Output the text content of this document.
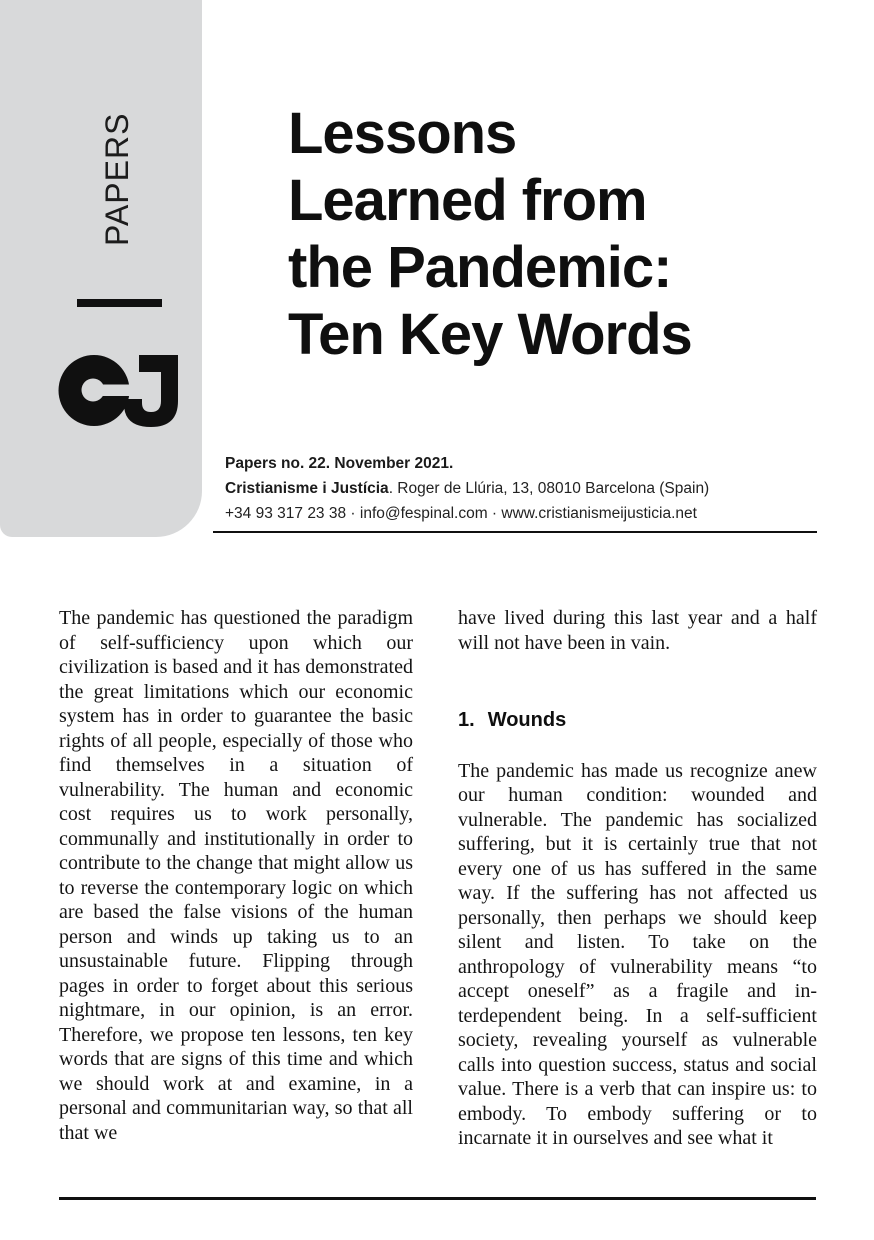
PAPERS	Lessons
Learned from
the Pandemic:
Ten Key Words
Papers no. 22. November 2021.
Cristianisme i Justícia. Roger de Llúria, 13, 08010 Barcelona (Spain)
+34 93 317 23 38 · info@fespinal.com · www.cristianismeijusticia.net

The pandemic has questioned the paradigm of self-sufficiency upon which our civilization is based and it has demonstrated the great limitations which our economic system has in order to guarantee the basic rights of all people, especially of those who find themselves in a situation of vulnerability. The human and economic cost requires us to work personally, communally and institutionally in order to contribute to the change that might allow us to reverse the contemporary logic on which are based the false visions of the human person and winds up taking us to an unsustainable future. Flipping through pages in order to forget about this serious nightmare, in our opinion, is an error. Therefore, we propose ten lessons, ten key words that are signs of this time and which we should work at and examine, in a personal and communitarian way, so that all that we

have lived during this last year and a half will not have been in vain.

1. Wounds

The pandemic has made us recognize anew our human condition: wounded and vulnerable. The pandemic has socialized suffering, but it is certainly true that not every one of us has suffered in the same way. If the suffering has not affected us personally, then perhaps we should keep silent and listen. To take on the anthropology of vulnerability means “to accept oneself” as a fragile and interdependent being. In a self-sufficient society, revealing yourself as vulnerable calls into question success, status and social value. There is a verb that can inspire us: to embody. To embody suffering or to incarnate it in ourselves and see what it
